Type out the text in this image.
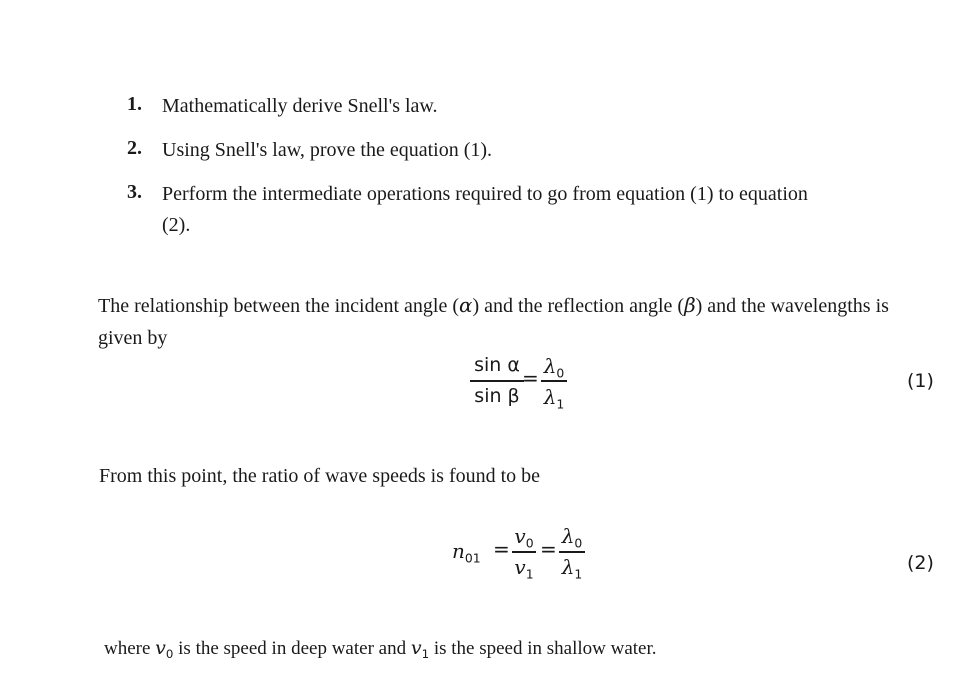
1. Mathematically derive Snell's law.
2. Using Snell's law, prove the equation (1).
3. Perform the intermediate operations required to go from equation (1) to equation
(2).
The relationship between the incident angle (α) and the reflection angle (β) and the wavelengths is
given by
sin α
sin β
= $\lambda_0$
$\lambda_1$
(1)
From this point, the ratio of wave speeds is found to be
$n_{01}$ =
$v_0$
$v_1$
=
$\lambda_0$
$\lambda_1$	(2)
where $v_0$ is the speed in deep water and $v_1$ is the speed in shallow water.
